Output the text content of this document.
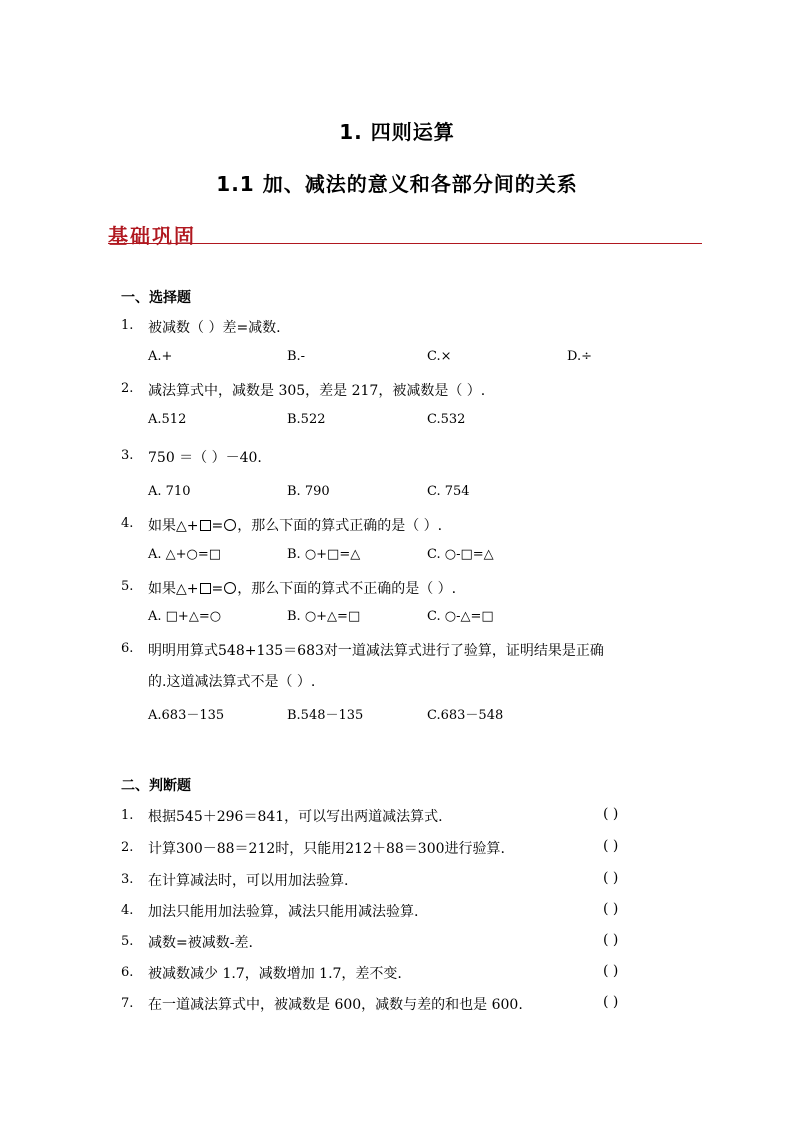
1. 四则运算
1.1 加、减法的意义和各部分间的关系
基础巩固
一、选择题
1. 被减数（ ）差=减数.
A.+	B.-	C.×	D.÷
2. 减法算式中，减数是 305，差是 217，被减数是（ ）.
A.512	B.522	C.532
3. 750 ＝（ ）－40.
A. 710	B. 790	C. 754
4. 如果△+ = ，那么下面的算式正确的是（ ）.
A. △+○=□	B. ○+□=△	C. ○-□=△
5. 如果△+ = ，那么下面的算式不正确的是（ ）.
A. □+△=○	B. ○+△=□	C. ○-△=□
6. 明明用算式548+135＝683对一道减法算式进行了验算，证明结果是正确
的.这道减法算式不是（ ）.
A.683－135	B.548－135	C.683－548
二、判断题
1. 根据545＋296＝841，可以写出两道减法算式.	( )
2. 计算300－88＝212时，只能用212＋88＝300进行验算.	( )
3. 在计算减法时，可以用加法验算.	( )
4. 加法只能用加法验算，减法只能用减法验算.	( )
5. 减数=被减数-差.	( )
6. 被减数减少 1.7，减数增加 1.7，差不变.	( )
7. 在一道减法算式中，被减数是 600，减数与差的和也是 600.	( )
